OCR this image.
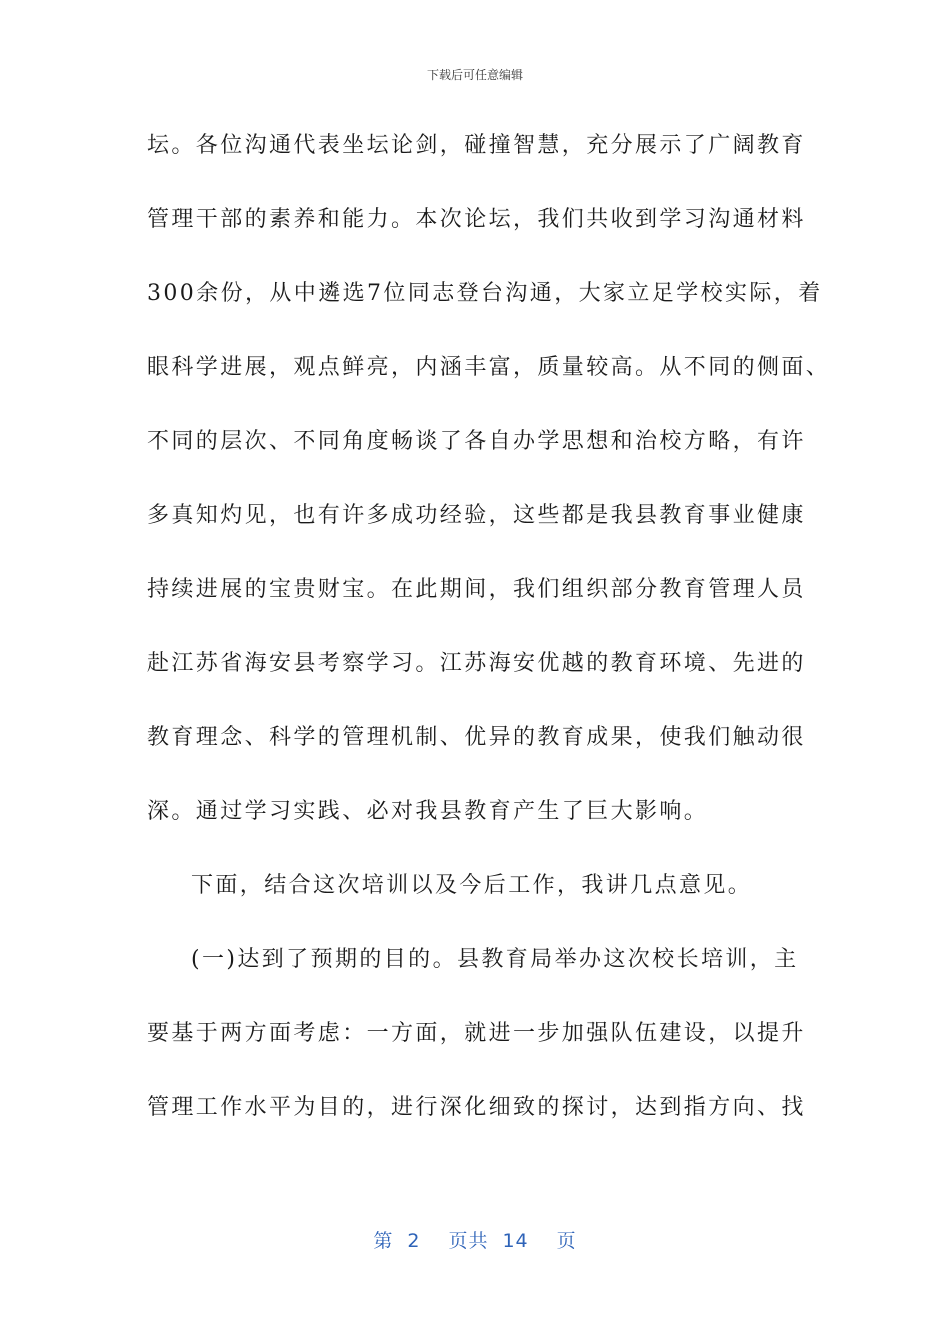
下载后可任意编辑
坛。各位沟通代表坐坛论剑，碰撞智慧，充分展示了广阔教育
管理干部的素养和能力。本次论坛，我们共收到学习沟通材料
300余份，从中遴选7位同志登台沟通，大家立足学校实际，着
眼科学进展，观点鲜亮，内涵丰富，质量较高。从不同的侧面、
不同的层次、不同角度畅谈了各自办学思想和治校方略，有许
多真知灼见，也有许多成功经验，这些都是我县教育事业健康
持续进展的宝贵财宝。在此期间，我们组织部分教育管理人员
赴江苏省海安县考察学习。江苏海安优越的教育环境、先进的
教育理念、科学的管理机制、优异的教育成果，使我们触动很
深。通过学习实践、必对我县教育产生了巨大影响。
下面，结合这次培训以及今后工作，我讲几点意见。
(一)达到了预期的目的。县教育局举办这次校长培训，主
要基于两方面考虑：一方面，就进一步加强队伍建设，以提升
管理工作水平为目的，进行深化细致的探讨，达到指方向、找
第 2 页共 14 页
